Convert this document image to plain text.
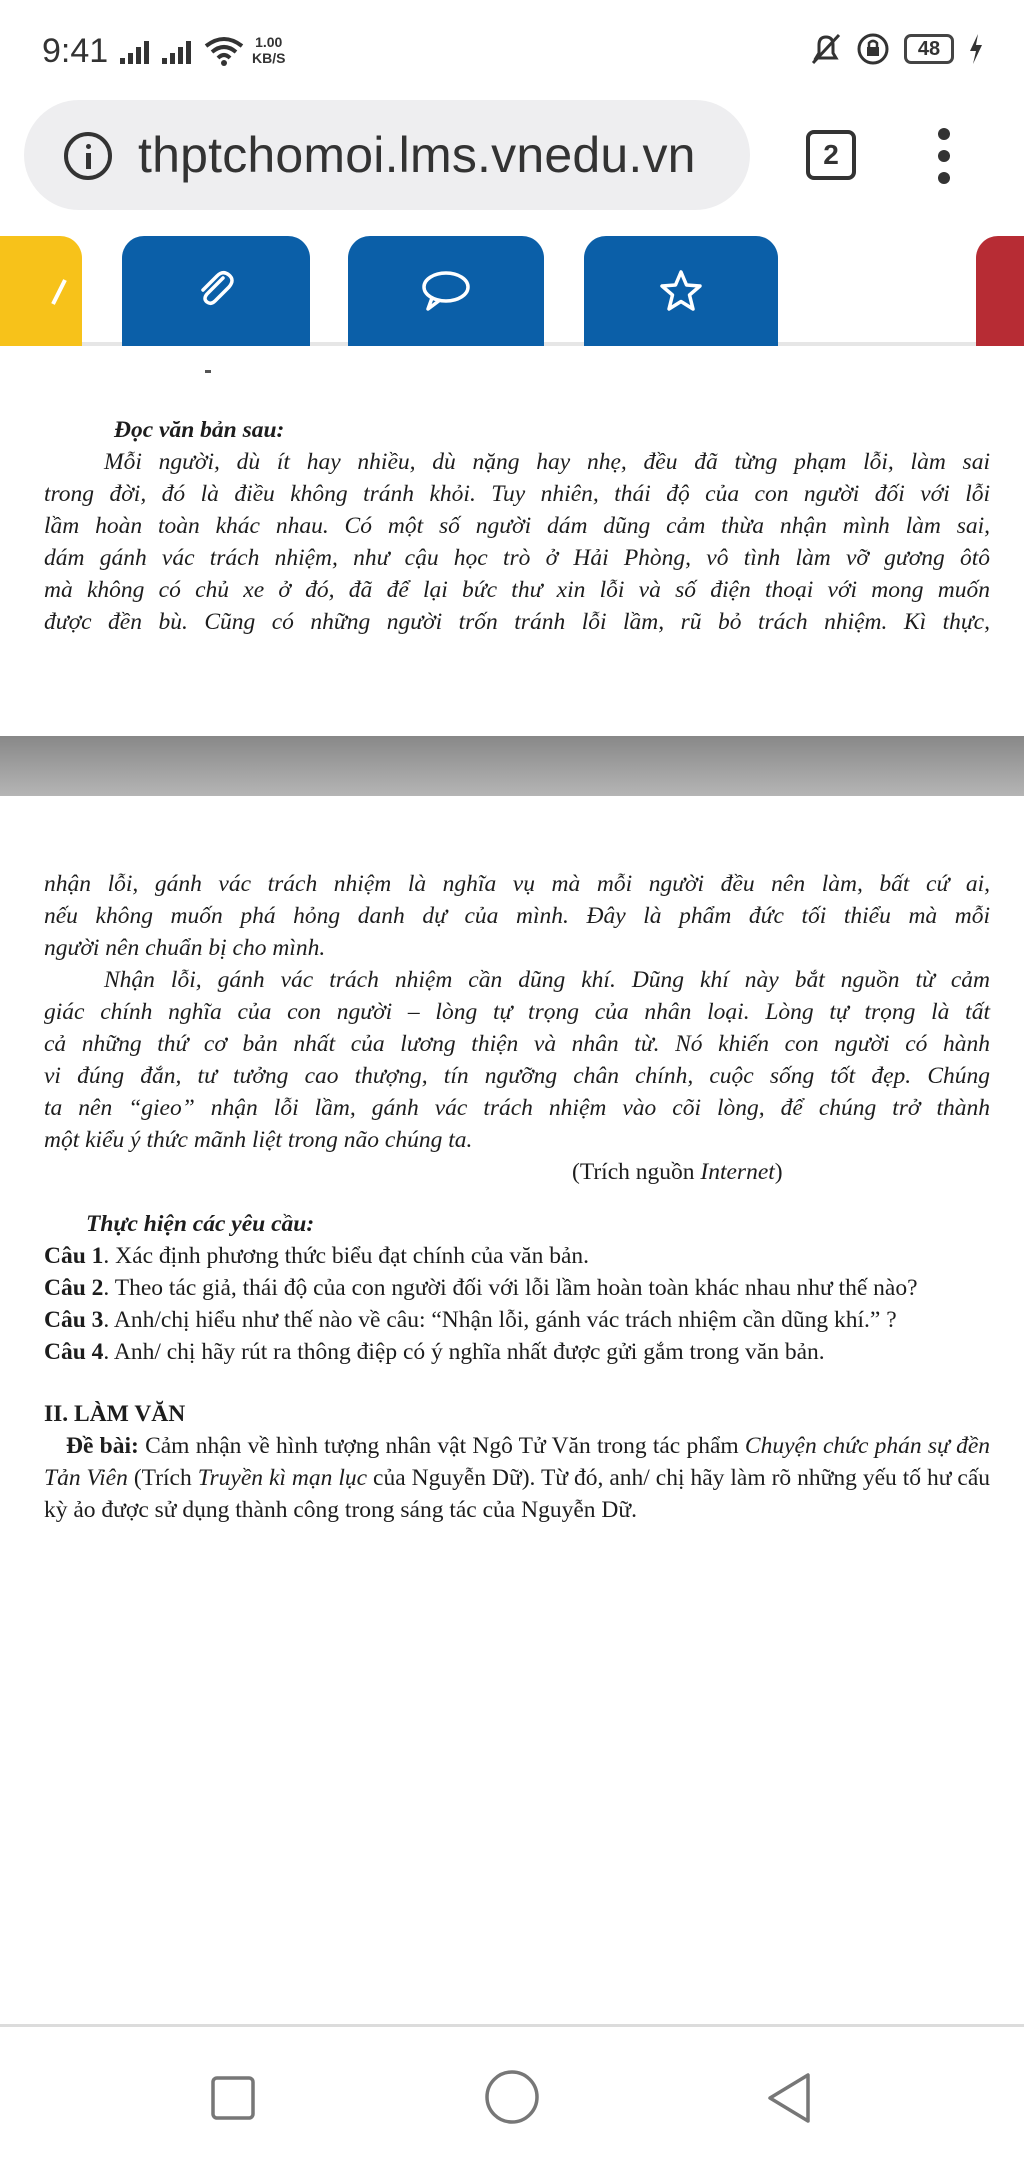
9:41	1.00
KB/S	48
thptchomoi.lms.vnedu.vn	2

Đọc văn bản sau:

Mỗi người, dù ít hay nhiều, dù nặng hay nhẹ, đều đã từng phạm lỗi, làm sai

trong đời, đó là điều không tránh khỏi. Tuy nhiên, thái độ của con người đối với lỗi

lầm hoàn toàn khác nhau. Có một số người dám dũng cảm thừa nhận mình làm sai,

dám gánh vác trách nhiệm, như cậu học trò ở Hải Phòng, vô tình làm vỡ gương ôtô

mà không có chủ xe ở đó, đã để lại bức thư xin lỗi và số điện thoại với mong muốn

được đền bù. Cũng có những người trốn tránh lỗi lầm, rũ bỏ trách nhiệm. Kì thực,

nhận lỗi, gánh vác trách nhiệm là nghĩa vụ mà mỗi người đều nên làm, bất cứ ai,

nếu không muốn phá hỏng danh dự của mình. Đây là phẩm đức tối thiểu mà mỗi

người nên chuẩn bị cho mình.

Nhận lỗi, gánh vác trách nhiệm cần dũng khí. Dũng khí này bắt nguồn từ cảm

giác chính nghĩa của con người – lòng tự trọng của nhân loại. Lòng tự trọng là tất

cả những thứ cơ bản nhất của lương thiện và nhân từ. Nó khiến con người có hành

vi đúng đắn, tư tưởng cao thượng, tín ngưỡng chân chính, cuộc sống tốt đẹp. Chúng

ta nên “gieo” nhận lỗi lầm, gánh vác trách nhiệm vào cõi lòng, để chúng trở thành

một kiểu ý thức mãnh liệt trong não chúng ta.

(Trích nguồn Internet)

Thực hiện các yêu cầu:

Câu 1. Xác định phương thức biểu đạt chính của văn bản.

Câu 2. Theo tác giả, thái độ của con người đối với lỗi lầm hoàn toàn khác nhau như thế nào?

Câu 3. Anh/chị hiểu như thế nào về câu: “Nhận lỗi, gánh vác trách nhiệm cần dũng khí.” ?

Câu 4. Anh/ chị hãy rút ra thông điệp có ý nghĩa nhất được gửi gắm trong văn bản.

II. LÀM VĂN

Đề bài: Cảm nhận về hình tượng nhân vật Ngô Tử Văn trong tác phẩm Chuyện chức phán sự đền Tản Viên (Trích Truyền kì mạn lục của Nguyễn Dữ). Từ đó, anh/ chị hãy làm rõ những yếu tố hư cấu kỳ ảo được sử dụng thành công trong sáng tác của Nguyễn Dữ.
